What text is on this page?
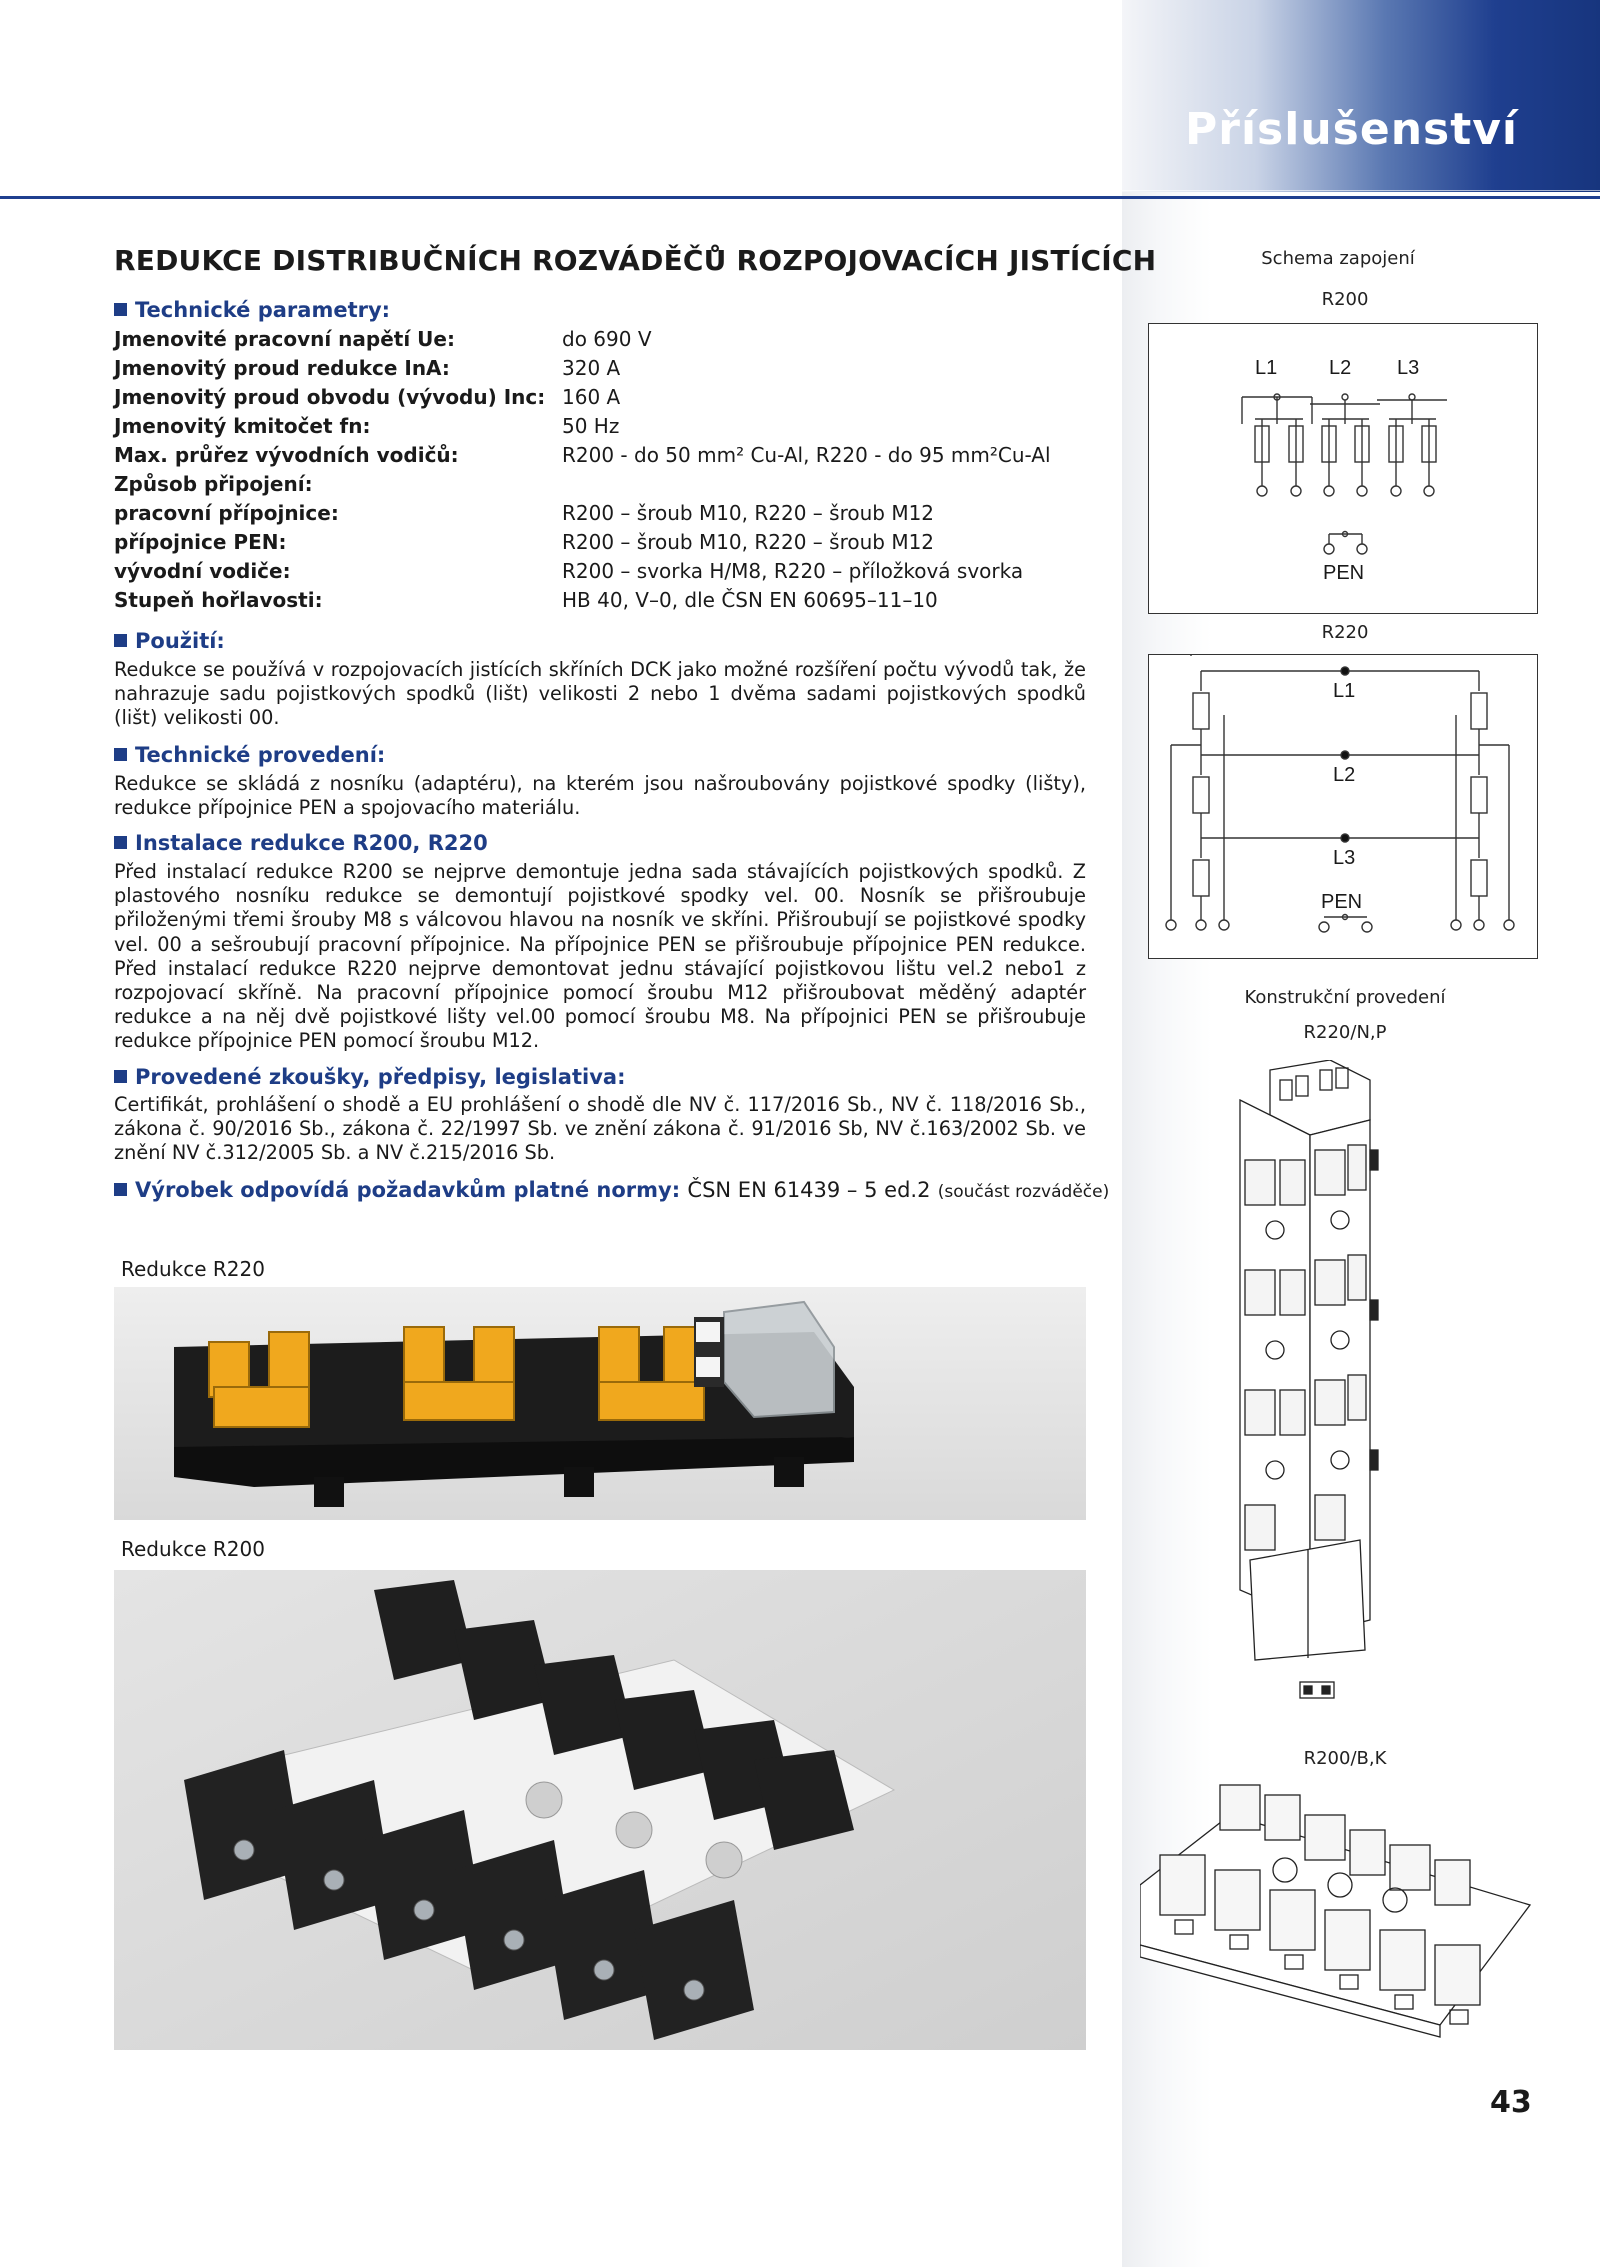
Příslušenství
REDUKCE DISTRIBUČNÍCH ROZVÁDĚČŮ ROZPOJOVACÍCH JISTÍCÍCH
Technické parametry:
Jmenovité pracovní napětí Ue:	do 690 V
Jmenovitý proud redukce InA:	320 A
Jmenovitý proud obvodu (vývodu) Inc: 160 A
Jmenovitý kmitočet fn:	50 Hz
Max. průřez vývodních vodičů:	R200 - do 50 mm² Cu-Al, R220 - do 95 mm²Cu-Al
Způsob připojení:
pracovní přípojnice:	R200 – šroub M10, R220 – šroub M12
přípojnice PEN:	R200 – šroub M10, R220 – šroub M12
vývodní vodiče:	R200 – svorka H/M8, R220 – příložková svorka
Stupeň hořlavosti:	HB 40, V–0, dle ČSN EN 60695–11–10
Použití:
Redukce se používá v rozpojovacích jistících skříních DCK jako možné rozšíření počtu vývodů tak, že nahrazuje sadu pojistkových spodků (lišt) velikosti 2 nebo 1 dvěma sadami pojistkových spodků (lišt) velikosti 00.
Technické provedení:
Redukce se skládá z nosníku (adaptéru), na kterém jsou našroubovány pojistkové spodky (lišty), redukce přípojnice PEN a spojovacího materiálu.
Instalace redukce R200, R220
Před instalací redukce R200 se nejprve demontuje jedna sada stávajících pojistkových spodků. Z plastového nosníku redukce se demontují pojistkové spodky vel. 00. Nosník se přišroubuje přiloženými třemi šrouby M8 s válcovou hlavou na nosník ve skříni. Přišroubují se pojistkové spodky vel. 00 a sešroubují pracovní přípojnice. Na přípojnice PEN se přišroubuje přípojnice PEN redukce. Před instalací redukce R220 nejprve demontovat jednu stávající pojistkovou lištu vel.2 nebo1 z rozpojovací skříně. Na pracovní přípojnice pomocí šroubu M12 přišroubovat měděný adaptér redukce a na něj dvě pojistkové lišty vel.00 pomocí šroubu M8. Na přípojnici PEN se přišroubuje redukce přípojnice PEN pomocí šroubu M12.
Provedené zkoušky, předpisy, legislativa:
Certifikát, prohlášení o shodě a EU prohlášení o shodě dle NV č. 117/2016 Sb., NV č. 118/2016 Sb., zákona č. 90/2016 Sb., zákona č. 22/1997 Sb. ve znění zákona č. 91/2016 Sb, NV č.163/2002 Sb. ve znění NV č.312/2005 Sb. a NV č.215/2016 Sb.
Výrobek odpovídá požadavkům platné normy: ČSN EN 61439 – 5 ed.2 (součást rozváděče)
Redukce R220
Redukce R200
Schema zapojení
R200
L1	L2 L3
PEN
R220
L1
L2
L3
PEN
Konstrukční provedení
R220/N,P
R200/B,K
43
